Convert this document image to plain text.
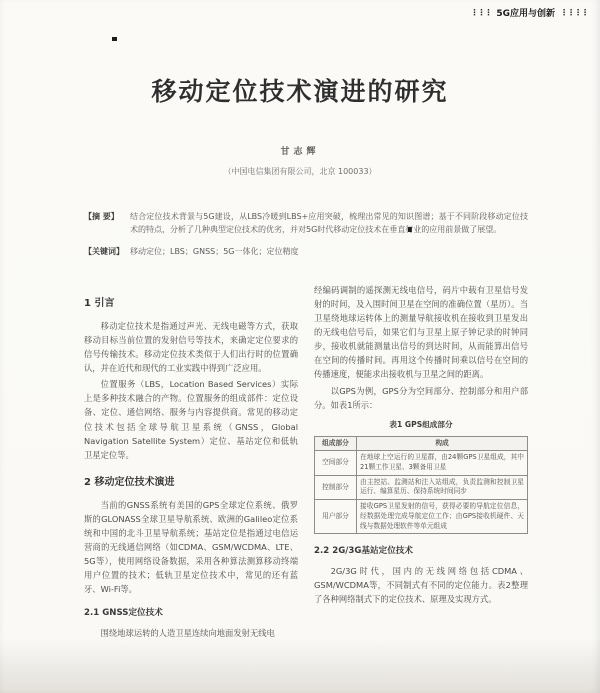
⋮⋮⋮ 5G应用与创新 ⋮⋮⋮⋮
移动定位技术演进的研究
甘志辉
（中国电信集团有限公司，北京 100033）
【摘 要】 结合定位技术背景与5G建设，从LBS冷暖到LBS+应用突破，梳理出常见的知识图谱；基于不同阶段移动定位技术的特点，分析了几种典型定位技术的优劣，并对5G时代移动定位技术在垂直行业的应用前景做了展望。
【关键词】 移动定位；LBS；GNSS；5G一体化；定位精度
1 引言

移动定位技术是指通过声光、无线电磁等方式，获取移动目标当前位置的发射信号等技术，来确定定位要求的信号传输技术。移动定位技术类似于人们出行时的位置确认，并在近代和现代的工业实践中得到广泛应用。

位置服务（LBS，Location Based Services）实际上是多种技术融合的产物。位置服务的组成部件：定位设备、定位、通信网络、服务与内容提供商。常见的移动定位技术包括全球导航卫星系统（GNSS，Global Navigation Satellite System）定位、基站定位和低轨卫星定位等。

2 移动定位技术演进

当前的GNSS系统有美国的GPS全球定位系统、俄罗斯的GLONASS全球卫星导航系统、欧洲的Galileo定位系统和中国的北斗卫星导航系统；基站定位是指通过电信运营商的无线通信网络（如CDMA、GSM/WCDMA、LTE、5G等），使用网络设备数据，采用各种算法测算移动终端用户位置的技术；低轨卫星定位技术中，常见的还有蓝牙、Wi-Fi等。

2.1 GNSS定位技术

围绕地球运转的人造卫星连续向地面发射无线电

经编码调制的遥探测无线电信号，码片中载有卫星信号发射的时间，及入围时间卫星在空间的准确位置（星历）。当卫星绕地球运转体上的测量导航接收机在接收到卫星发出的无线电信号后，如果它们与卫星上原子钟记录的时钟同步，接收机就能测量出信号的到达时间，从而能算出信号在空间的传播时间。再用这个传播时间乘以信号在空间的传播速度，便能求出接收机与卫星之间的距离。

以GPS为例，GPS分为空间部分、控制部分和用户部分。如表1所示：

表1 GPS组成部分
组成部分	构成
空间部分	在地球上空运行的卫星群，由24颗GPS卫星组成，其中21颗工作卫星、3颗备用卫星
控制部分	由主控站、监测站和注入站组成，负责监测和控制卫星运行、编算星历、保持系统时间同步
用户部分	接收GPS卫星发射的信号，获得必要的导航定位信息，经数据处理完成导航定位工作；由GPS接收机硬件、天线与数据处理软件等单元组成
2.2 2G/3G基站定位技术

2G/3G时代，国内的无线网络包括CDMA、GSM/WCDMA等，不同制式有不同的定位能力。表2整理了各种网络制式下的定位技术、原理及实现方式。
